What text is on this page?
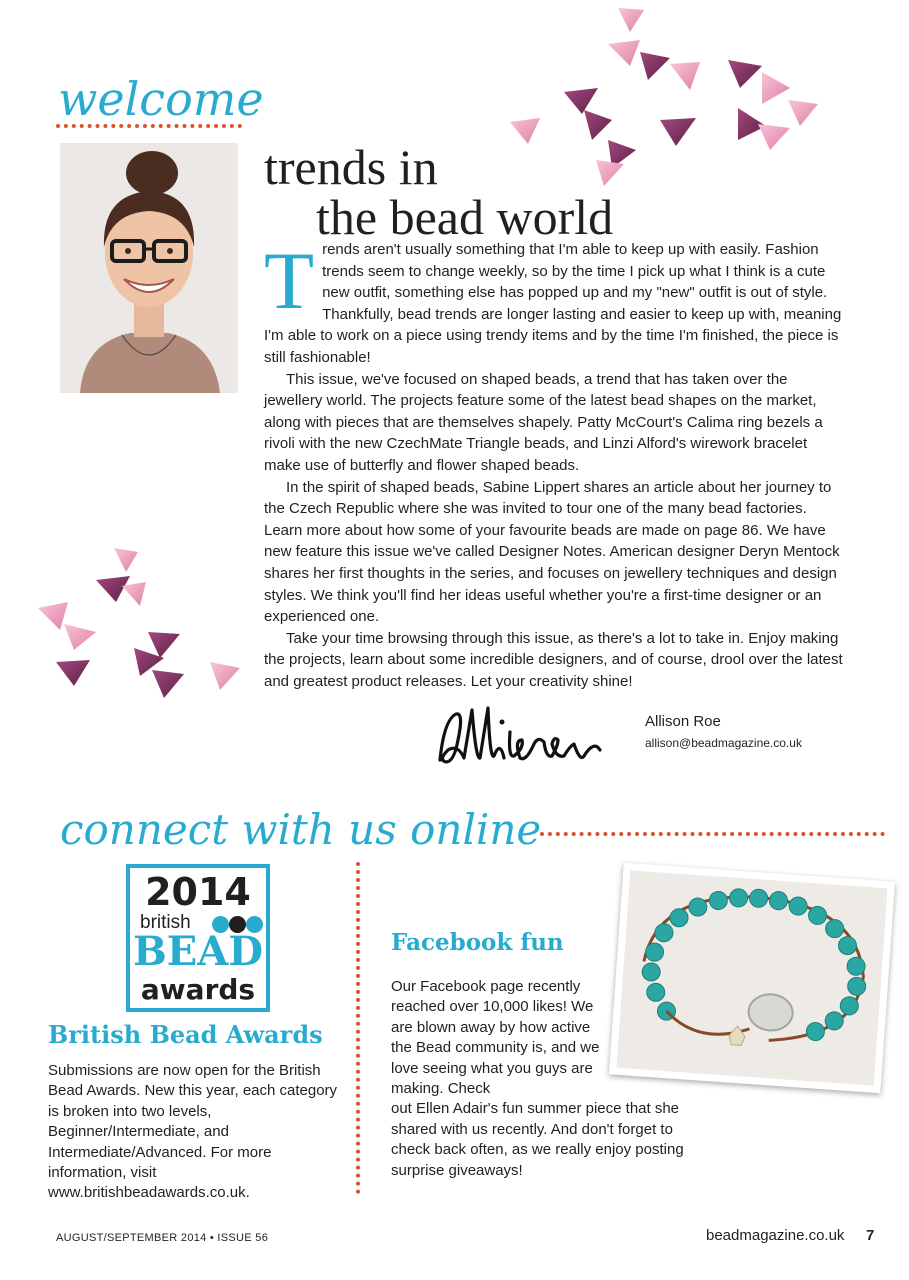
welcome
trends in
the bead world

Trends aren't usually something that I'm able to keep up with easily. Fashion trends seem to change weekly, so by the time I pick up what I think is a cute new outfit, something else has popped up and my "new" outfit is out of style. Thankfully, bead trends are longer lasting and easier to keep up with, meaning I'm able to work on a piece using trendy items and by the time I'm finished, the piece is still fashionable!

This issue, we've focused on shaped beads, a trend that has taken over the jewellery world. The projects feature some of the latest bead shapes on the market, along with pieces that are themselves shapely. Patty McCourt's Calima ring bezels a rivoli with the new CzechMate Triangle beads, and Linzi Alford's wirework bracelet make use of butterfly and flower shaped beads.

In the spirit of shaped beads, Sabine Lippert shares an article about her journey to the Czech Republic where she was invited to tour one of the many bead factories. Learn more about how some of your favourite beads are made on page 86. We have new feature this issue we've called Designer Notes. American designer Deryn Mentock shares her first thoughts in the series, and focuses on jewellery techniques and design styles. We think you'll find her ideas useful whether you're a first-time designer or an experienced one.

Take your time browsing through this issue, as there's a lot to take in. Enjoy making the projects, learn about some incredible designers, and of course, drool over the latest and greatest product releases. Let your creativity shine!

Allison Roe
allison@beadmagazine.co.uk
connect with us online
2014
british
BEAD
awards
British Bead Awards
Submissions are now open for the British Bead Awards. New this year, each category is broken into two levels, Beginner/Intermediate, and Intermediate/Advanced. For more information, visit www.britishbeadawards.co.uk.
Facebook fun
Our Facebook page recently reached over 10,000 likes! We are blown away by how active the Bead community is, and we love seeing what you guys are making. Check
out Ellen Adair's fun summer piece that she shared with us recently. And don't forget to check back often, as we really enjoy posting surprise giveaways!
AUGUST/SEPTEMBER 2014 • ISSUE 56	beadmagazine.co.uk 7
